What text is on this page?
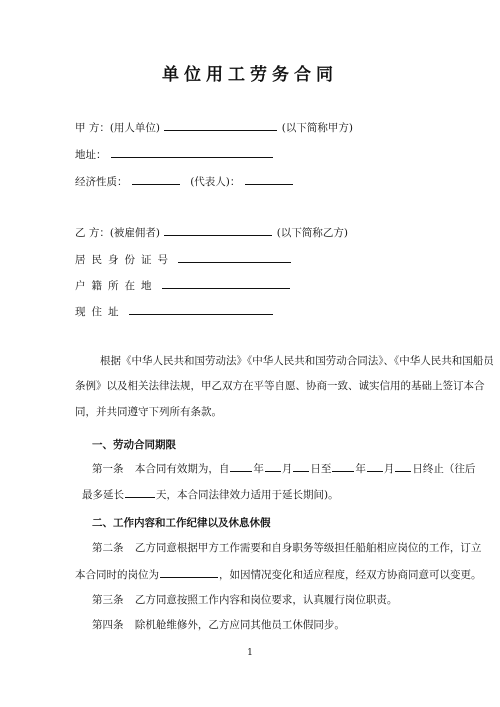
单位用工劳务合同
甲 方：(用人单位)	(以下简称甲方)
地址：
经济性质：	(代表人)：
乙 方：(被雇佣者)	(以下简称乙方)
居民身份证号
户籍所在地
现住址
根据《中华人民共和国劳动法》《中华人民共和国劳动合同法》、《中华人民共和国船员
条例》以及相关法律法规，甲乙双方在平等自愿、协商一致、诚实信用的基础上签订本合
同，并共同遵守下列所有条款。
一、劳动合同期限
第一条 本合同有效期为，自 年 月 日至 年 月 日终止（往后
最多延长	天，本合同法律效力适用于延长期间)。
二、工作内容和工作纪律以及休息休假
第二条 乙方同意根据甲方工作需要和自身职务等级担任船舶相应岗位的工作，订立
本合同时的岗位为	，如因情况变化和适应程度，经双方协商同意可以变更。
第三条 乙方同意按照工作内容和岗位要求，认真履行岗位职责。
第四条 除机舱维修外，乙方应同其他员工休假同步。
1
